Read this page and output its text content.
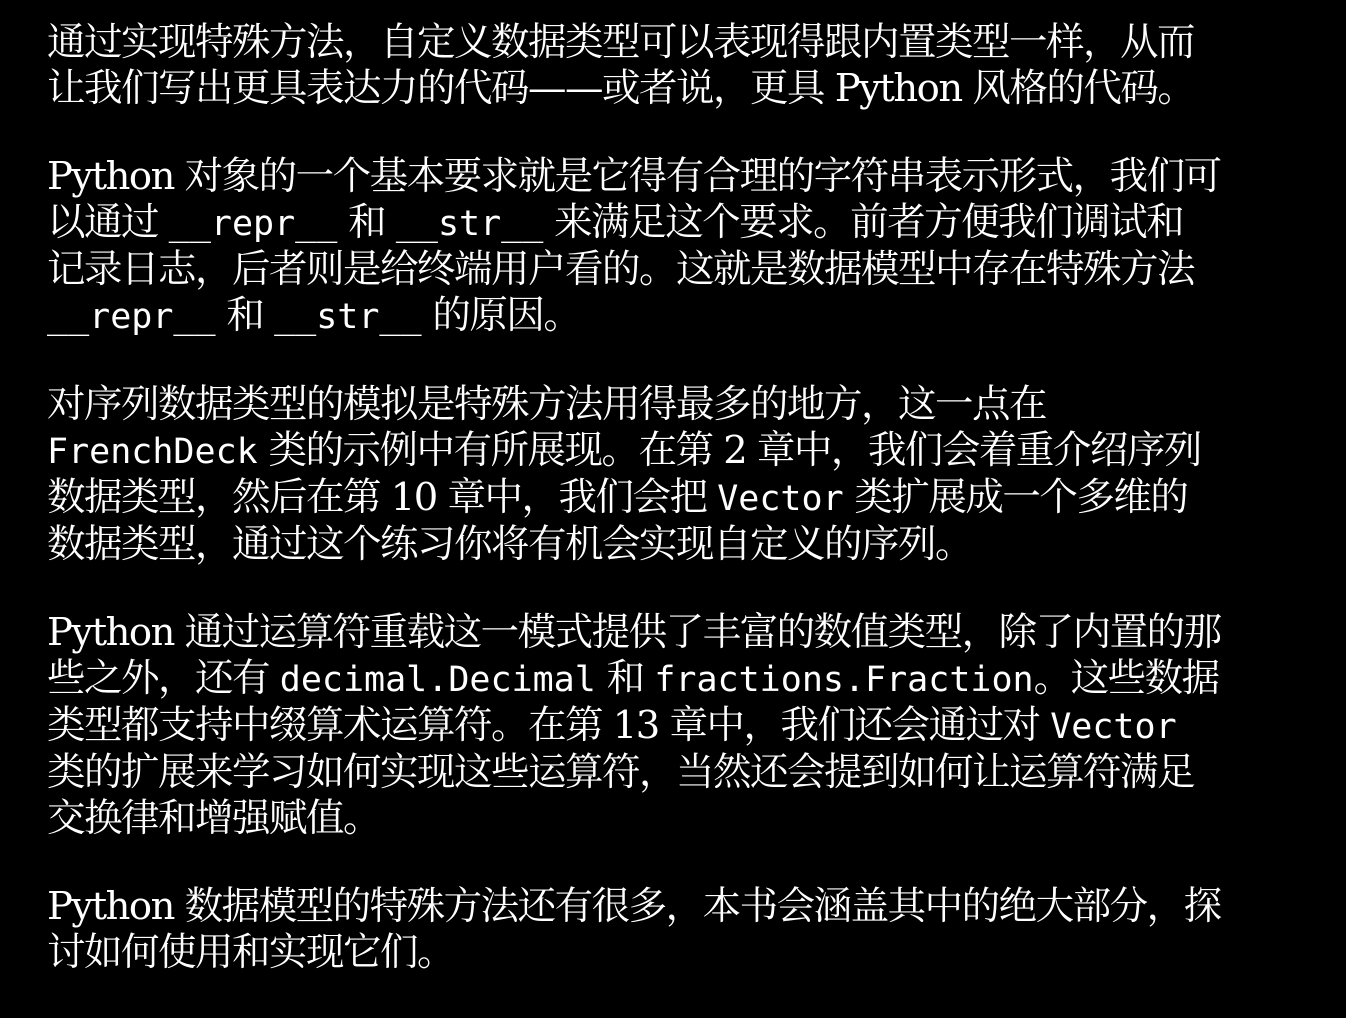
通过实现特殊方法，自定义数据类型可以表现得跟内置类型一样，从而
让我们写出更具表达力的代码——或者说，更具 Python 风格的代码。

Python 对象的一个基本要求就是它得有合理的字符串表示形式，我们可
以通过 __repr__ 和 __str__ 来满足这个要求。前者方便我们调试和
记录日志，后者则是给终端用户看的。这就是数据模型中存在特殊方法
__repr__ 和 __str__ 的原因。

对序列数据类型的模拟是特殊方法用得最多的地方，这一点在
FrenchDeck 类的示例中有所展现。在第 2 章中，我们会着重介绍序列
数据类型，然后在第 10 章中，我们会把 Vector 类扩展成一个多维的
数据类型，通过这个练习你将有机会实现自定义的序列。

Python 通过运算符重载这一模式提供了丰富的数值类型，除了内置的那
些之外，还有 decimal.Decimal 和 fractions.Fraction。这些数据
类型都支持中缀算术运算符。在第 13 章中，我们还会通过对 Vector
类的扩展来学习如何实现这些运算符，当然还会提到如何让运算符满足
交换律和增强赋值。

Python 数据模型的特殊方法还有很多，本书会涵盖其中的绝大部分，探
讨如何使用和实现它们。
